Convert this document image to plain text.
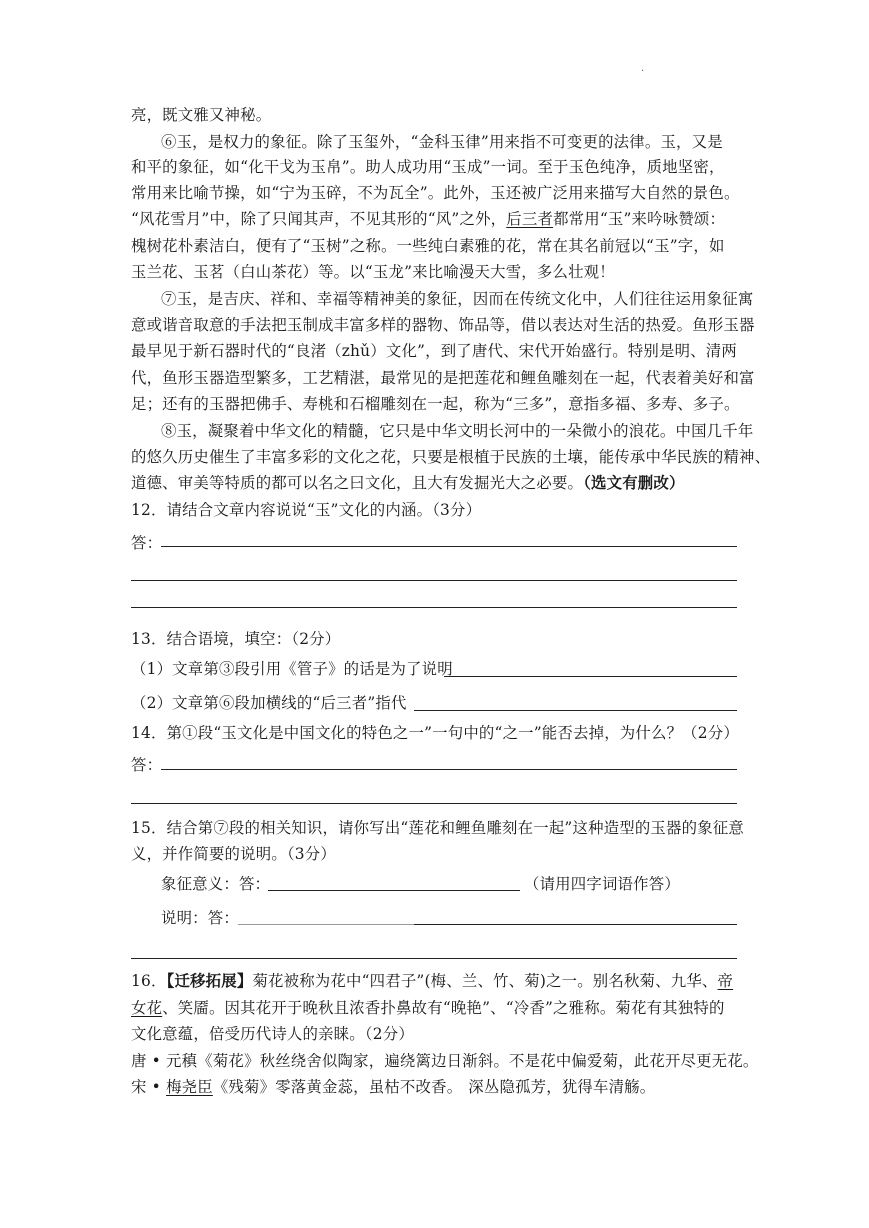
·
亮，既文雅又神秘。
⑥玉，是权力的象征。除了玉玺外，“金科玉律”用来指不可变更的法律。玉，又是
和平的象征，如“化干戈为玉帛”。助人成功用“玉成”一词。至于玉色纯净，质地坚密，
常用来比喻节操，如“宁为玉碎，不为瓦全”。此外，玉还被广泛用来描写大自然的景色。
“风花雪月”中，除了只闻其声，不见其形的“风”之外，后三者都常用“玉”来吟咏赞颂：
槐树花朴素洁白，便有了“玉树”之称。一些纯白素雅的花，常在其名前冠以“玉”字，如
玉兰花、玉茗（白山茶花）等。以“玉龙”来比喻漫天大雪，多么壮观！
⑦玉，是吉庆、祥和、幸福等精神美的象征，因而在传统文化中，人们往往运用象征寓
意或谐音取意的手法把玉制成丰富多样的器物、饰品等，借以表达对生活的热爱。鱼形玉器
最早见于新石器时代的“良渚（zhǔ）文化”，到了唐代、宋代开始盛行。特别是明、清两
代，鱼形玉器造型繁多，工艺精湛，最常见的是把莲花和鲤鱼雕刻在一起，代表着美好和富
足；还有的玉器把佛手、寿桃和石榴雕刻在一起，称为“三多”，意指多福、多寿、多子。
⑧玉，凝聚着中华文化的精髓，它只是中华文明长河中的一朵微小的浪花。中国几千年
的悠久历史催生了丰富多彩的文化之花，只要是根植于民族的土壤，能传承中华民族的精神、
道德、审美等特质的都可以名之曰文化，且大有发掘光大之必要。（选文有删改）
12．请结合文章内容说说“玉”文化的内涵。（3分）
答：
13．结合语境，填空：（2分）
（1）文章第③段引用《管子》的话是为了说明
（2）文章第⑥段加横线的“后三者”指代
14．第①段“玉文化是中国文化的特色之一”一句中的“之一”能否去掉，为什么？（2分）
答：
15．结合第⑦段的相关知识，请你写出“莲花和鲤鱼雕刻在一起”这种造型的玉器的象征意
义，并作简要的说明。（3分）
象征意义：答：	（请用四字词语作答）
说明：答：
16．【迁移拓展】菊花被称为花中“四君子”(梅、兰、竹、菊)之一。别名秋菊、九华、帝
女花、笑靥。因其花开于晚秋且浓香扑鼻故有“晚艳”、“冷香”之雅称。菊花有其独特的
文化意蕴，倍受历代诗人的亲睐。（2分）
唐 • 元稹《菊花》秋丝绕舍似陶家，遍绕篱边日渐斜。不是花中偏爱菊，此花开尽更无花。
宋 • 梅尧臣《残菊》零落黄金蕊，虽枯不改香。 深丛隐孤芳，犹得车清觞。
